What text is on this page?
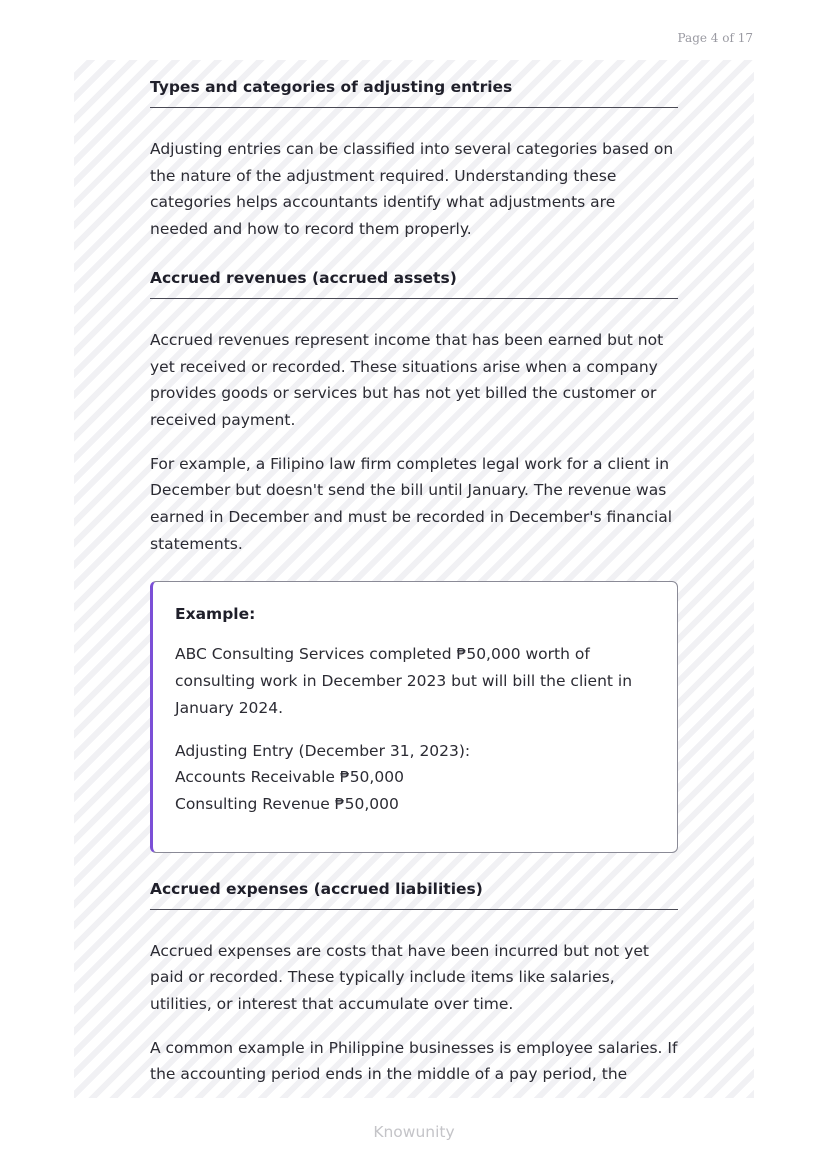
Page 4 of 17
Types and categories of adjusting entries

Adjusting entries can be classified into several categories based on the nature of the adjustment required. Understanding these categories helps accountants identify what adjustments are needed and how to record them properly.

Accrued revenues (accrued assets)

Accrued revenues represent income that has been earned but not yet received or recorded. These situations arise when a company provides goods or services but has not yet billed the customer or received payment.

For example, a Filipino law firm completes legal work for a client in December but doesn't send the bill until January. The revenue was earned in December and must be recorded in December's financial statements.

Example:

ABC Consulting Services completed ₱50,000 worth of consulting work in December 2023 but will bill the client in January 2024.

Adjusting Entry (December 31, 2023):

Accounts Receivable ₱50,000

Consulting Revenue ₱50,000

Accrued expenses (accrued liabilities)

Accrued expenses are costs that have been incurred but not yet paid or recorded. These typically include items like salaries, utilities, or interest that accumulate over time.

A common example in Philippine businesses is employee salaries. If the accounting period ends in the middle of a pay period, the

Knowunity
